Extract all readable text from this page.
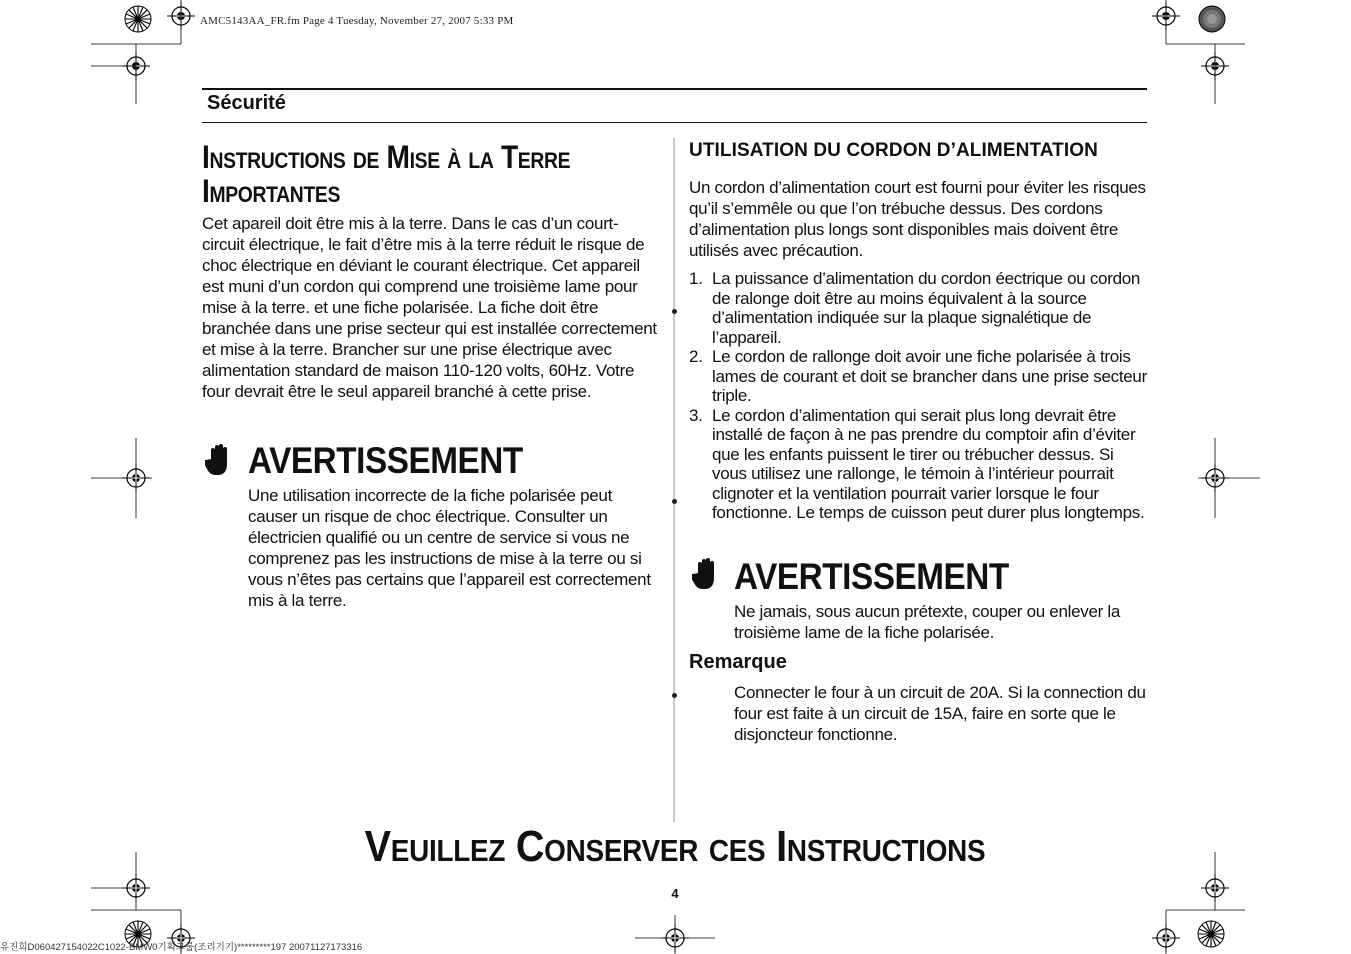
AMC5143AA_FR.fm Page 4 Tuesday, November 27, 2007 5:33 PM
Sécurité
Instructions de Mise à la Terre
Importantes
Cet apareil doit être mis à la terre. Dans le cas d’un court-circuit électrique, le fait d’être mis à la terre réduit le risque de choc électrique en déviant le courant électrique. Cet appareil est muni d’un cordon qui comprend une troisième lame pour mise à la terre. et une fiche polarisée. La fiche doit être branchée dans une prise secteur qui est installée correctement et mise à la terre. Brancher sur une prise électrique avec alimentation standard de maison 110-120 volts, 60Hz. Votre four devrait être le seul appareil branché à cette prise.
AVERTISSEMENT
Une utilisation incorrecte de la fiche polarisée peut causer un risque de choc électrique. Consulter un électricien qualifié ou un centre de service si vous ne comprenez pas les instructions de mise à la terre ou si vous n’êtes pas certains que l’appareil est correctement mis à la terre.
UTILISATION DU CORDON D’ALIMENTATION
Un cordon d’alimentation court est fourni pour éviter les risques qu’il s’emmêle ou que l’on trébuche dessus. Des cordons d’alimentation plus longs sont disponibles mais doivent être utilisés avec précaution.
1. La puissance d’alimentation du cordon éectrique ou cordon de ralonge doit être au moins équivalent à la source d’alimentation indiquée sur la plaque signalétique de l’appareil.
2. Le cordon de rallonge doit avoir une fiche polarisée à trois lames de courant et doit se brancher dans une prise secteur triple.
3. Le cordon d’alimentation qui serait plus long devrait être installé de façon à ne pas prendre du comptoir afin d’éviter que les enfants puissent le tirer ou trébucher dessus. Si vous utilisez une rallonge, le témoin à l’intérieur pourrait clignoter et la ventilation pourrait varier lorsque le four fonctionne. Le temps de cuisson peut durer plus longtemps.
AVERTISSEMENT
Ne jamais, sous aucun prétexte, couper ou enlever la troisième lame de la fiche polarisée.
Remarque
Connecter le four à un circuit de 20A. Si la connection du four est faite à un circuit de 15A, faire en sorte que le disjoncteur fonctionne.
Veuillez Conserver ces Instructions
4
유진희D060427154022C1022-BMW0기획그룹(조리기기)*********197 20071127173316
